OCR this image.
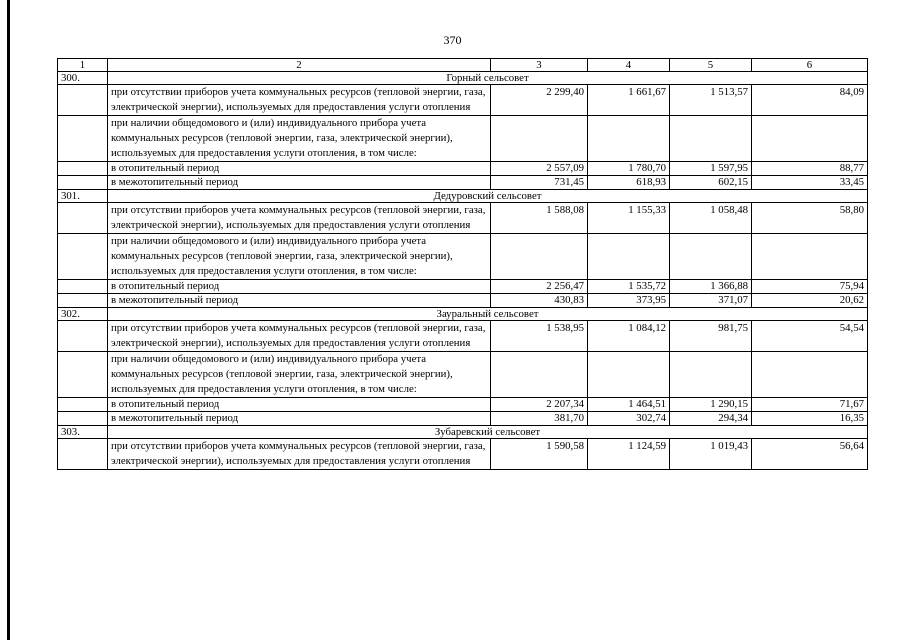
370
1	2	3	4	5	6
300.	Горный сельсовет				
	при отсутствии приборов учета коммунальных ресурсов (тепловой энергии, газа, электрической энергии), используемых для предоставления услуги отопления	2 299,40	1 661,67	1 513,57	84,09
	при наличии общедомового и (или) индивидуального прибора учета коммунальных ресурсов (тепловой энергии, газа, электрической энергии), используемых для предоставления услуги отопления, в том числе:				
	в отопительный период	2 557,09	1 780,70	1 597,95	88,77
	в межотопительный период	731,45	618,93	602,15	33,45
301.	Дедуровский сельсовет				
	при отсутствии приборов учета коммунальных ресурсов (тепловой энергии, газа, электрической энергии), используемых для предоставления услуги отопления	1 588,08	1 155,33	1 058,48	58,80
	при наличии общедомового и (или) индивидуального прибора учета коммунальных ресурсов (тепловой энергии, газа, электрической энергии), используемых для предоставления услуги отопления, в том числе:				
	в отопительный период	2 256,47	1 535,72	1 366,88	75,94
	в межотопительный период	430,83	373,95	371,07	20,62
302.	Зауральный сельсовет				
	при отсутствии приборов учета коммунальных ресурсов (тепловой энергии, газа, электрической энергии), используемых для предоставления услуги отопления	1 538,95	1 084,12	981,75	54,54
	при наличии общедомового и (или) индивидуального прибора учета коммунальных ресурсов (тепловой энергии, газа, электрической энергии), используемых для предоставления услуги отопления, в том числе:				
	в отопительный период	2 207,34	1 464,51	1 290,15	71,67
	в межотопительный период	381,70	302,74	294,34	16,35
303.	Зубаревский сельсовет				
	при отсутствии приборов учета коммунальных ресурсов (тепловой энергии, газа, электрической энергии), используемых для предоставления услуги отопления	1 590,58	1 124,59	1 019,43	56,64
